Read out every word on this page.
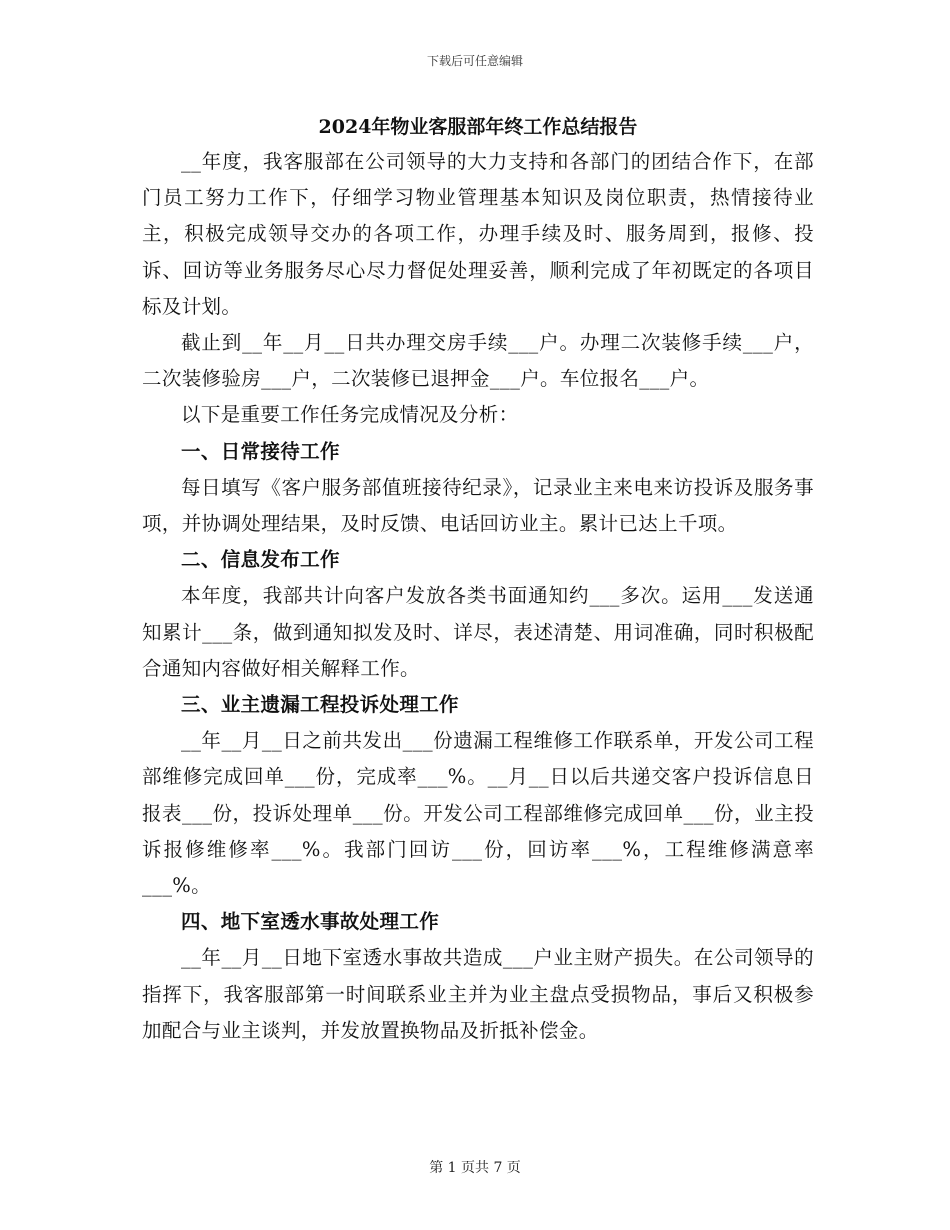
下载后可任意编辑
2024年物业客服部年终工作总结报告

__年度，我客服部在公司领导的大力支持和各部门的团结合作下，在部门员工努力工作下，仔细学习物业管理基本知识及岗位职责，热情接待业主，积极完成领导交办的各项工作，办理手续及时、服务周到，报修、投诉、回访等业务服务尽心尽力督促处理妥善，顺利完成了年初既定的各项目标及计划。

截止到__年__月__日共办理交房手续___户。办理二次装修手续___户，二次装修验房___户，二次装修已退押金___户。车位报名___户。

以下是重要工作任务完成情况及分析：

一、日常接待工作

每日填写《客户服务部值班接待纪录》，记录业主来电来访投诉及服务事项，并协调处理结果，及时反馈、电话回访业主。累计已达上千项。

二、信息发布工作

本年度，我部共计向客户发放各类书面通知约___多次。运用___发送通知累计___条，做到通知拟发及时、详尽，表述清楚、用词准确，同时积极配合通知内容做好相关解释工作。

三、业主遗漏工程投诉处理工作

__年__月__日之前共发出___份遗漏工程维修工作联系单，开发公司工程部维修完成回单___份，完成率___%。__月__日以后共递交客户投诉信息日报表___份，投诉处理单___份。开发公司工程部维修完成回单___份，业主投诉报修维修率___%。我部门回访___份，回访率___%，工程维修满意率___%。

四、地下室透水事故处理工作

__年__月__日地下室透水事故共造成___户业主财产损失。在公司领导的指挥下，我客服部第一时间联系业主并为业主盘点受损物品，事后又积极参加配合与业主谈判，并发放置换物品及折抵补偿金。

第 1 页共 7 页
